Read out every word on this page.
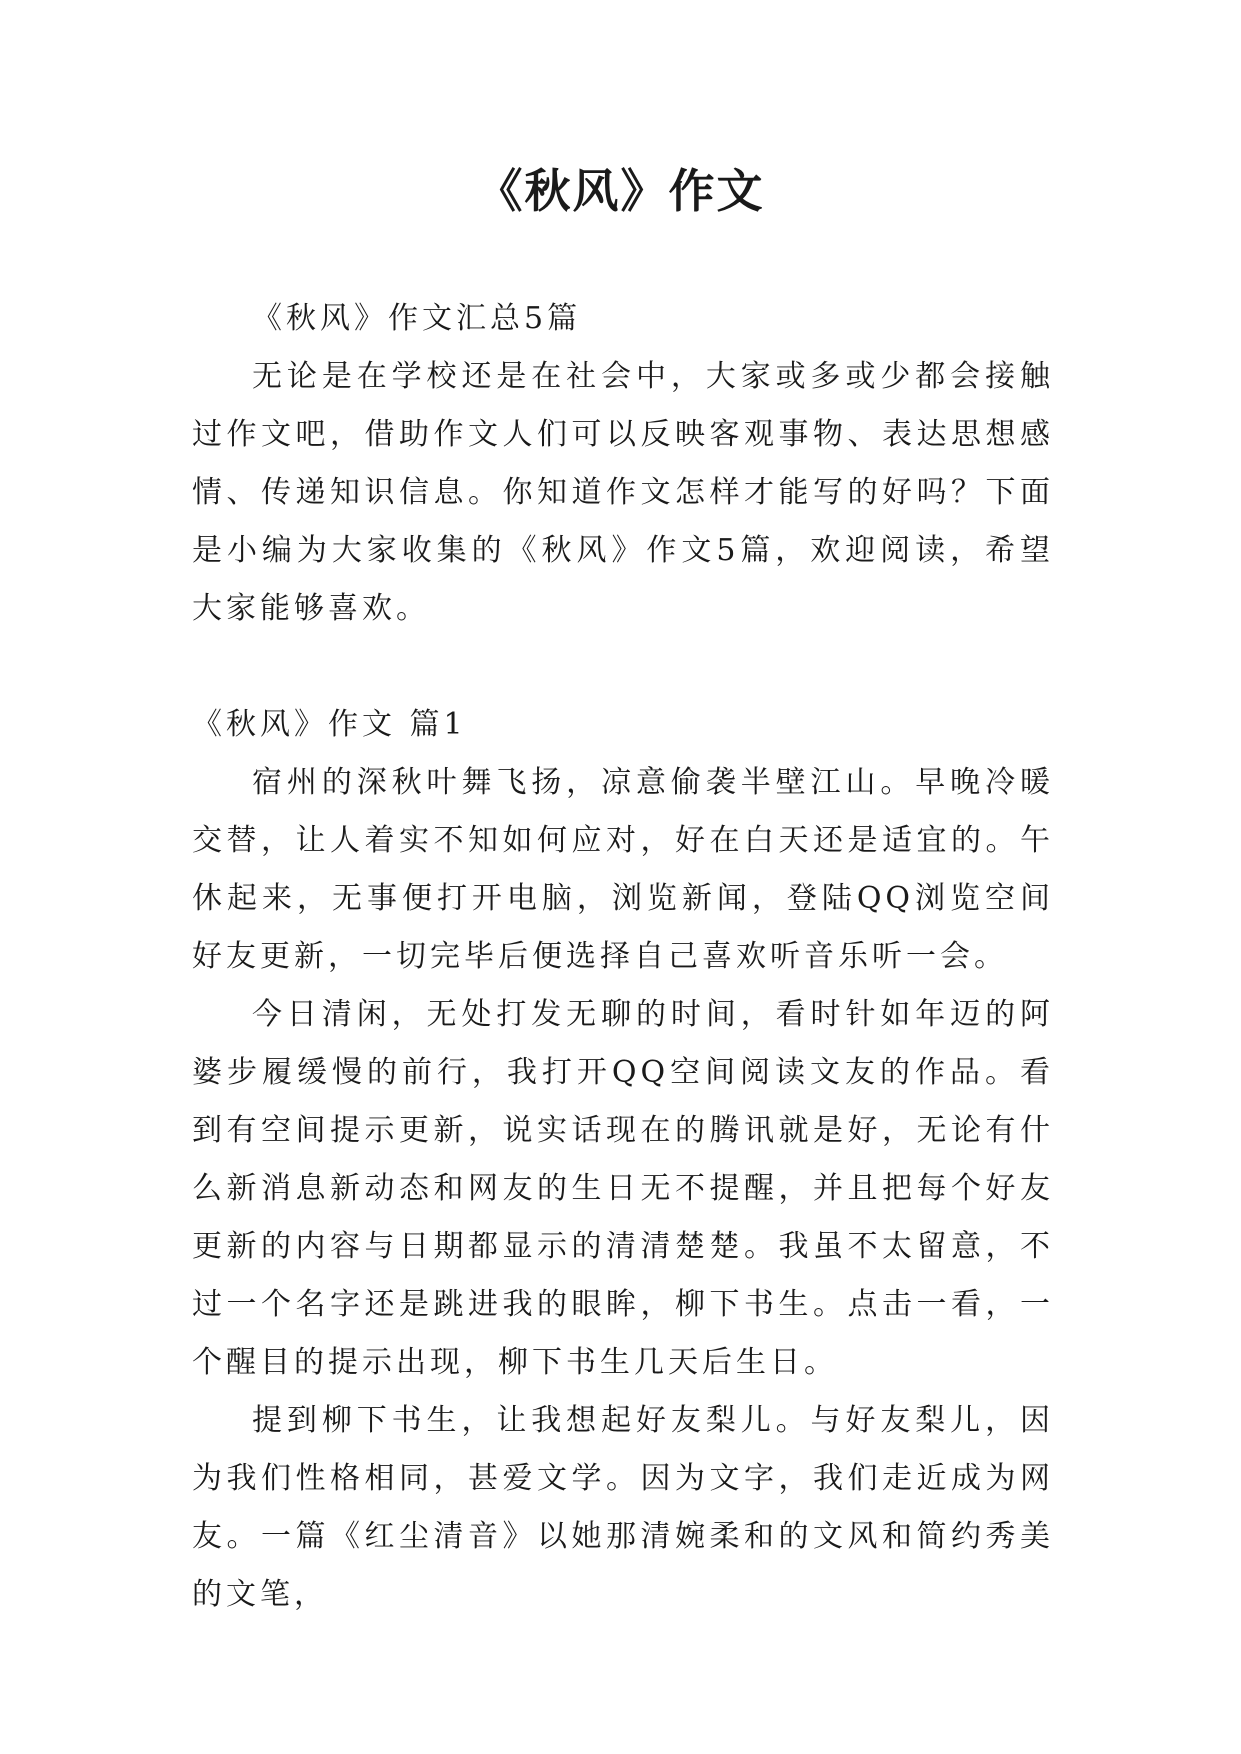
《秋风》作文

《秋风》作文汇总5篇

无论是在学校还是在社会中，大家或多或少都会接触过作文吧，借助作文人们可以反映客观事物、表达思想感情、传递知识信息。你知道作文怎样才能写的好吗？下面是小编为大家收集的《秋风》作文5篇，欢迎阅读，希望大家能够喜欢。

《秋风》作文 篇1

宿州的深秋叶舞飞扬，凉意偷袭半壁江山。早晚冷暖交替，让人着实不知如何应对，好在白天还是适宜的。午休起来，无事便打开电脑，浏览新闻，登陆QQ浏览空间好友更新，一切完毕后便选择自己喜欢听音乐听一会。

今日清闲，无处打发无聊的时间，看时针如年迈的阿婆步履缓慢的前行，我打开QQ空间阅读文友的作品。看到有空间提示更新，说实话现在的腾讯就是好，无论有什么新消息新动态和网友的生日无不提醒，并且把每个好友更新的内容与日期都显示的清清楚楚。我虽不太留意，不过一个名字还是跳进我的眼眸，柳下书生。点击一看，一个醒目的提示出现，柳下书生几天后生日。

提到柳下书生，让我想起好友梨儿。与好友梨儿，因为我们性格相同，甚爱文学。因为文字，我们走近成为网友。一篇《红尘清音》以她那清婉柔和的文风和简约秀美的文笔，
